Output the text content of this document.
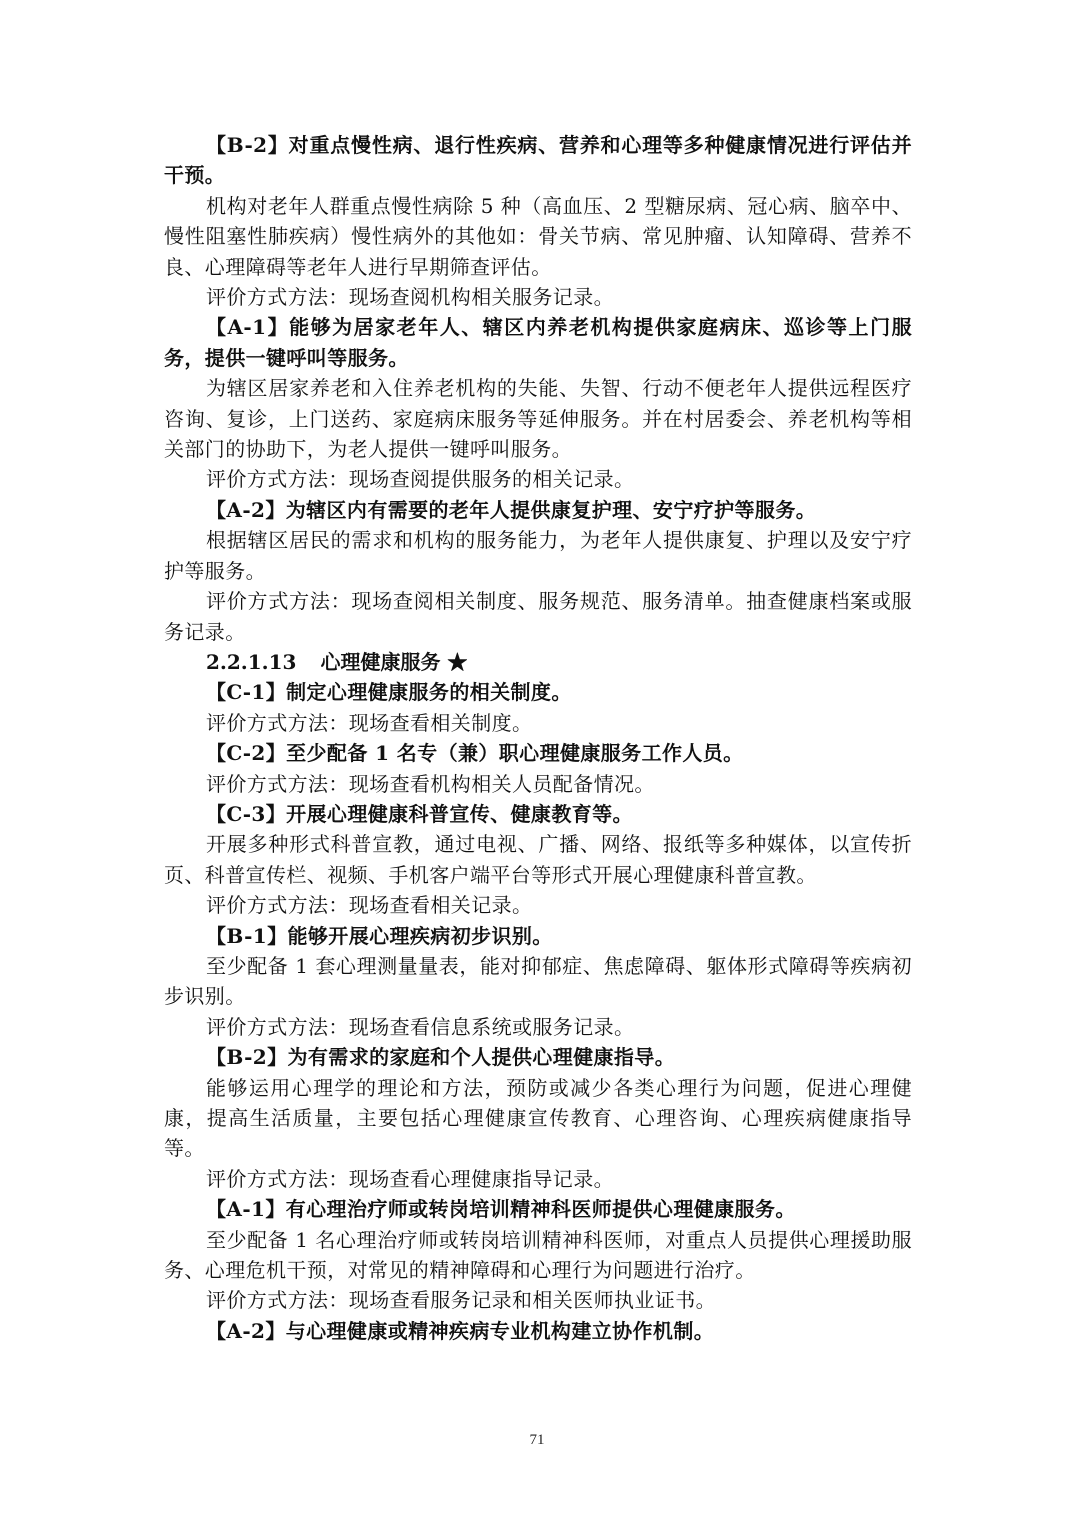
【B-2】对重点慢性病、退行性疾病、营养和心理等多种健康情况进行评估并干预。

机构对老年人群重点慢性病除 5 种（高血压、2 型糖尿病、冠心病、脑卒中、慢性阻塞性肺疾病）慢性病外的其他如：骨关节病、常见肿瘤、认知障碍、营养不良、心理障碍等老年人进行早期筛查评估。

评价方式方法：现场查阅机构相关服务记录。

【A-1】能够为居家老年人、辖区内养老机构提供家庭病床、巡诊等上门服务，提供一键呼叫等服务。

为辖区居家养老和入住养老机构的失能、失智、行动不便老年人提供远程医疗咨询、复诊，上门送药、家庭病床服务等延伸服务。并在村居委会、养老机构等相关部门的协助下，为老人提供一键呼叫服务。

评价方式方法：现场查阅提供服务的相关记录。

【A-2】为辖区内有需要的老年人提供康复护理、安宁疗护等服务。

根据辖区居民的需求和机构的服务能力，为老年人提供康复、护理以及安宁疗护等服务。

评价方式方法：现场查阅相关制度、服务规范、服务清单。抽查健康档案或服务记录。

2.2.1.13 心理健康服务 ★

【C-1】制定心理健康服务的相关制度。

评价方式方法：现场查看相关制度。

【C-2】至少配备 1 名专（兼）职心理健康服务工作人员。

评价方式方法：现场查看机构相关人员配备情况。

【C-3】开展心理健康科普宣传、健康教育等。

开展多种形式科普宣教，通过电视、广播、网络、报纸等多种媒体，以宣传折页、科普宣传栏、视频、手机客户端平台等形式开展心理健康科普宣教。

评价方式方法：现场查看相关记录。

【B-1】能够开展心理疾病初步识别。

至少配备 1 套心理测量量表，能对抑郁症、焦虑障碍、躯体形式障碍等疾病初步识别。

评价方式方法：现场查看信息系统或服务记录。

【B-2】为有需求的家庭和个人提供心理健康指导。

能够运用心理学的理论和方法，预防或减少各类心理行为问题，促进心理健康，提高生活质量，主要包括心理健康宣传教育、心理咨询、心理疾病健康指导等。

评价方式方法：现场查看心理健康指导记录。

【A-1】有心理治疗师或转岗培训精神科医师提供心理健康服务。

至少配备 1 名心理治疗师或转岗培训精神科医师，对重点人员提供心理援助服务、心理危机干预，对常见的精神障碍和心理行为问题进行治疗。

评价方式方法：现场查看服务记录和相关医师执业证书。

【A-2】与心理健康或精神疾病专业机构建立协作机制。

71
